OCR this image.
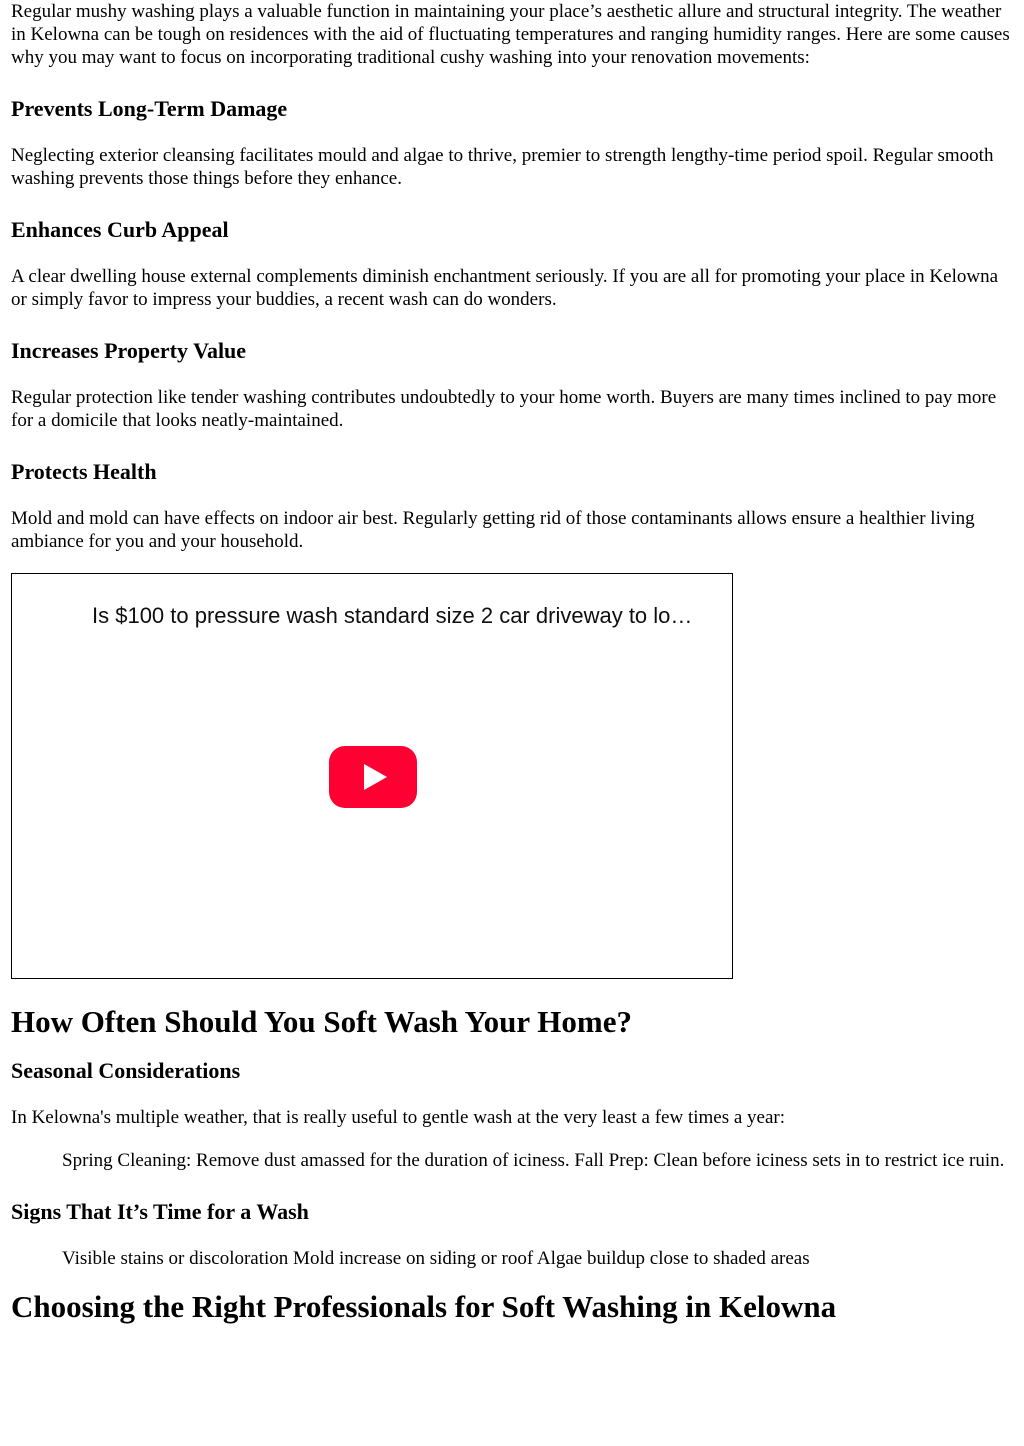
Regular mushy washing plays a valuable function in maintaining your place’s aesthetic allure and structural integrity. The weather in Kelowna can be tough on residences with the aid of fluctuating temperatures and ranging humidity ranges. Here are some causes why you may want to focus on incorporating traditional cushy washing into your renovation movements:

Prevents Long-Term Damage

Neglecting exterior cleansing facilitates mould and algae to thrive, premier to strength lengthy-time period spoil. Regular smooth washing prevents those things before they enhance.

Enhances Curb Appeal

A clear dwelling house external complements diminish enchantment seriously. If you are all for promoting your place in Kelowna or simply favor to impress your buddies, a recent wash can do wonders.

Increases Property Value

Regular protection like tender washing contributes undoubtedly to your home worth. Buyers are many times inclined to pay more for a domicile that looks neatly-maintained.

Protects Health

Mold and mold can have effects on indoor air best. Regularly getting rid of those contaminants allows ensure a healthier living ambiance for you and your household.

Is $100 to pressure wash standard size 2 car driveway to lo…
How Often Should You Soft Wash Your Home?
Seasonal Considerations

In Kelowna's multiple weather, that is really useful to gentle wash at the very least a few times a year:

Spring Cleaning: Remove dust amassed for the duration of iciness. Fall Prep: Clean before iciness sets in to restrict ice ruin.

Signs That It’s Time for a Wash

Visible stains or discoloration Mold increase on siding or roof Algae buildup close to shaded areas

Choosing the Right Professionals for Soft Washing in Kelowna
